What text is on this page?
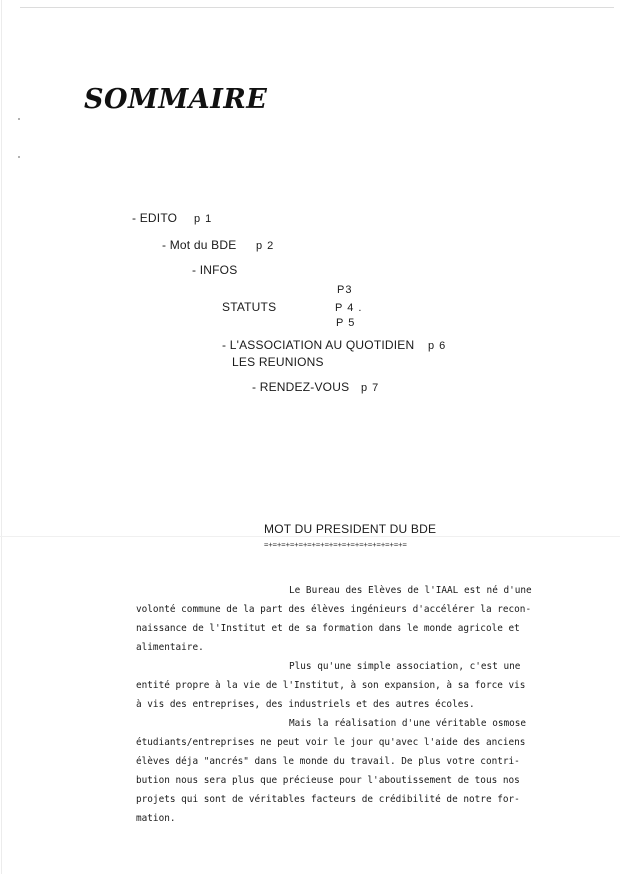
SOMMAIRE
- EDITO p 1
- Mot du BDE p 2
- INFOS
P3
STATUTS	P 4 .
P 5
- L'ASSOCIATION AU QUOTIDIEN p 6
LES REUNIONS
- RENDEZ-VOUS p 7
MOT DU PRESIDENT DU BDE
=+=+=+=+=+=+=+=+=+=+=+=+=+=+=+=+=
Le Bureau des Elèves de l'IAAL est né d'une
volonté commune de la part des élèves ingénieurs d'accélérer la recon-
naissance de l'Institut et de sa formation dans le monde agricole et
alimentaire.
Plus qu'une simple association, c'est une
entité propre à la vie de l'Institut, à son expansion, à sa force vis
à vis des entreprises, des industriels et des autres écoles.
Mais la réalisation d'une véritable osmose
étudiants/entreprises ne peut voir le jour qu'avec l'aide des anciens
élèves déja "ancrés" dans le monde du travail. De plus votre contri-
bution nous sera plus que précieuse pour l'aboutissement de tous nos
projets qui sont de véritables facteurs de crédibilité de notre for-
mation.
